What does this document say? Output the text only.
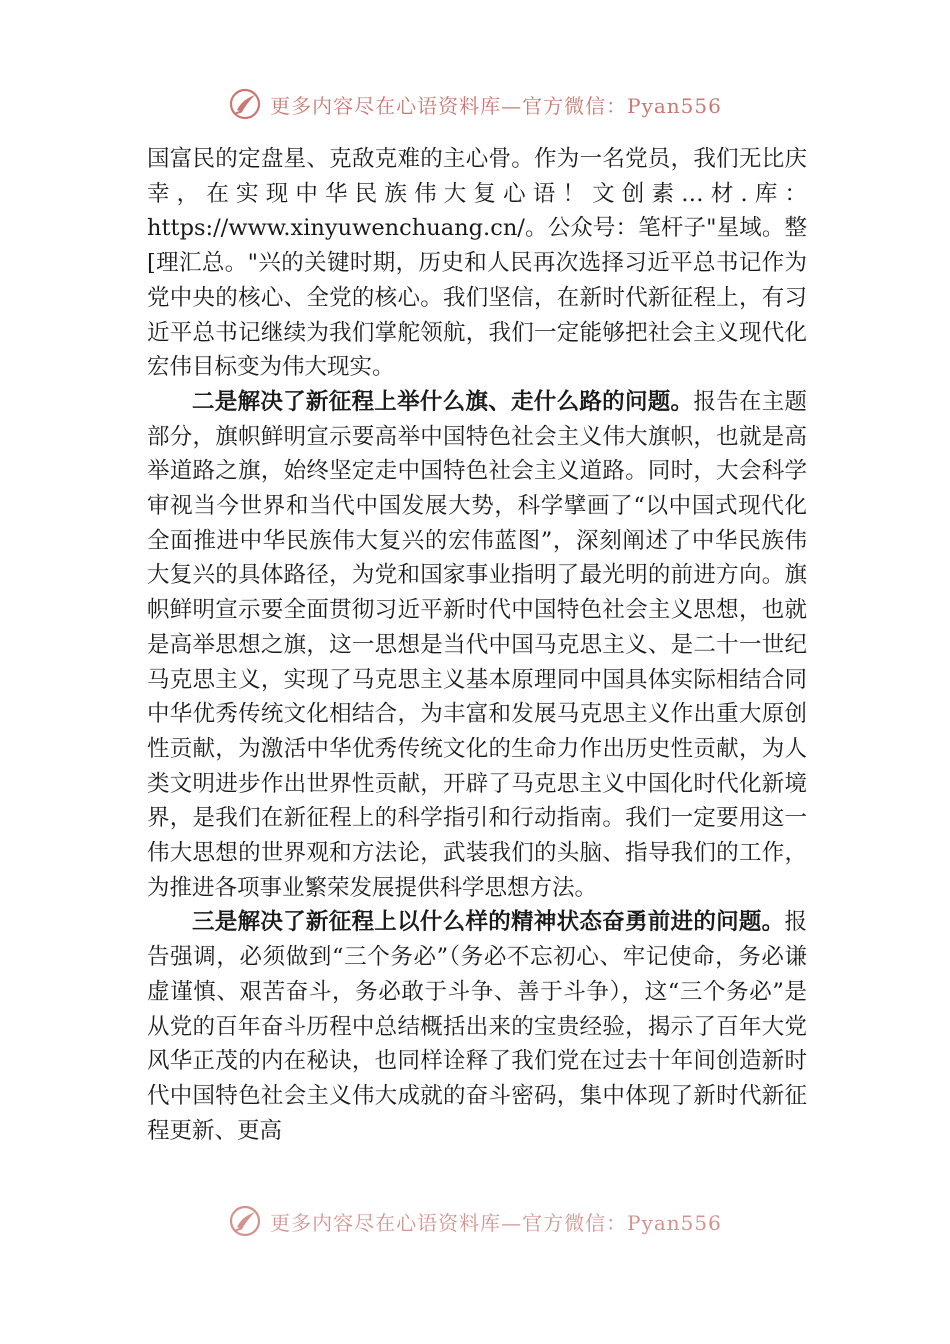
更多内容尽在心语资料库—官方微信：Pyan556

国富民的定盘星、克敌克难的主心骨。作为一名党员，我们无比庆幸，在实现中华民族伟大复心语！文创素…材.库：https://www.xinyuwenchuang.cn/。公众号：笔杆子"星域。整[理汇总。"兴的关键时期，历史和人民再次选择习近平总书记作为党中央的核心、全党的核心。我们坚信，在新时代新征程上，有习近平总书记继续为我们掌舵领航，我们一定能够把社会主义现代化宏伟目标变为伟大现实。

二是解决了新征程上举什么旗、走什么路的问题。报告在主题部分，旗帜鲜明宣示要高举中国特色社会主义伟大旗帜，也就是高举道路之旗，始终坚定走中国特色社会主义道路。同时，大会科学审视当今世界和当代中国发展大势，科学擘画了“以中国式现代化全面推进中华民族伟大复兴的宏伟蓝图”，深刻阐述了中华民族伟大复兴的具体路径，为党和国家事业指明了最光明的前进方向。旗帜鲜明宣示要全面贯彻习近平新时代中国特色社会主义思想，也就是高举思想之旗，这一思想是当代中国马克思主义、是二十一世纪马克思主义，实现了马克思主义基本原理同中国具体实际相结合同中华优秀传统文化相结合，为丰富和发展马克思主义作出重大原创性贡献，为激活中华优秀传统文化的生命力作出历史性贡献，为人类文明进步作出世界性贡献，开辟了马克思主义中国化时代化新境界，是我们在新征程上的科学指引和行动指南。我们一定要用这一伟大思想的世界观和方法论，武装我们的头脑、指导我们的工作，为推进各项事业繁荣发展提供科学思想方法。

三是解决了新征程上以什么样的精神状态奋勇前进的问题。报告强调，必须做到“三个务必”（务必不忘初心、牢记使命，务必谦虚谨慎、艰苦奋斗，务必敢于斗争、善于斗争），这“三个务必”是从党的百年奋斗历程中总结概括出来的宝贵经验，揭示了百年大党风华正茂的内在秘诀，也同样诠释了我们党在过去十年间创造新时代中国特色社会主义伟大成就的奋斗密码，集中体现了新时代新征程更新、更高

更多内容尽在心语资料库—官方微信：Pyan556
